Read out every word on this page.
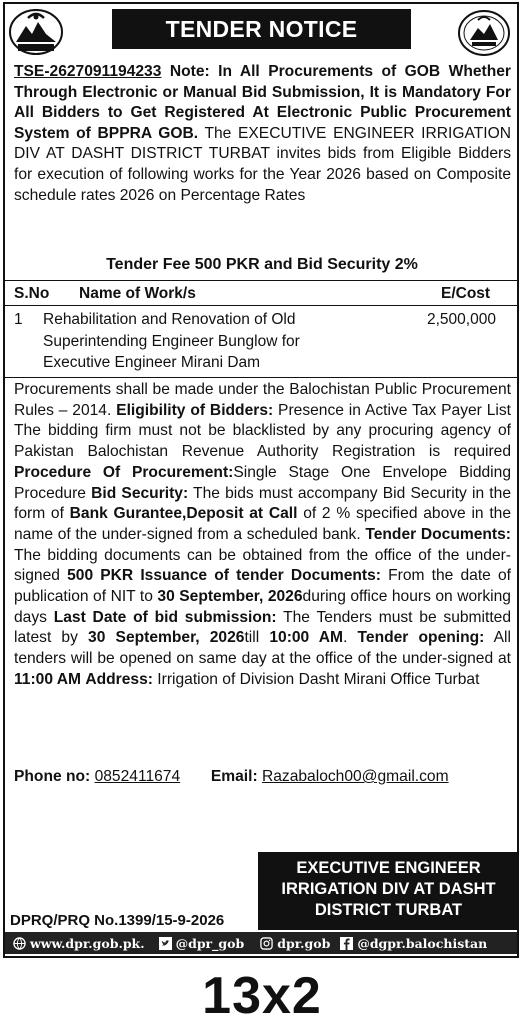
TENDER NOTICE
TSE-2627091194233 Note: In All Procurements of GOB Whether Through Electronic or Manual Bid Submission, It is Mandatory For All Bidders to Get Registered At Electronic Public Procurement System of BPPRA GOB. The EXECUTIVE ENGINEER IRRIGATION DIV AT DASHT DISTRICT TURBAT invites bids from Eligible Bidders for execution of following works for the Year 2026 based on Composite schedule rates 2026 on Percentage Rates
Tender Fee 500 PKR and Bid Security 2%
S.No Name of Work/s	E/Cost
1 Rehabilitation and Renovation of Old
Superintending Engineer Bunglow for
Executive Engineer Mirani Dam
2,500,000
Procurements shall be made under the Balochistan Public Procurement Rules – 2014. Eligibility of Bidders: Presence in Active Tax Payer List The bidding firm must not be blacklisted by any procuring agency of Pakistan Balochistan Revenue Authority Registration is required Procedure Of Procurement:Single Stage One Envelope Bidding Procedure Bid Security: The bids must accompany Bid Security in the form of Bank Gurantee,Deposit at Call of 2 % specified above in the name of the under-signed from a scheduled bank. Tender Documents: The bidding documents can be obtained from the office of the under-signed 500 PKR Issuance of tender Documents: From the date of publication of NIT to 30 September, 2026during office hours on working days Last Date of bid submission: The Tenders must be submitted latest by 30 September, 2026till 10:00 AM. Tender opening: All tenders will be opened on same day at the office of the under-signed at 11:00 AM Address: Irrigation of Division Dasht Mirani Office Turbat
Phone no: 0852411674 Email: Razabaloch00@gmail.com
EXECUTIVE ENGINEER
IRRIGATION DIV AT DASHT
DISTRICT TURBAT
DPRQ/PRQ No.1399/15-9-2026
www.dpr.gob.pk. @dpr_gob	dpr.gob @dgpr.balochistan
13x2
